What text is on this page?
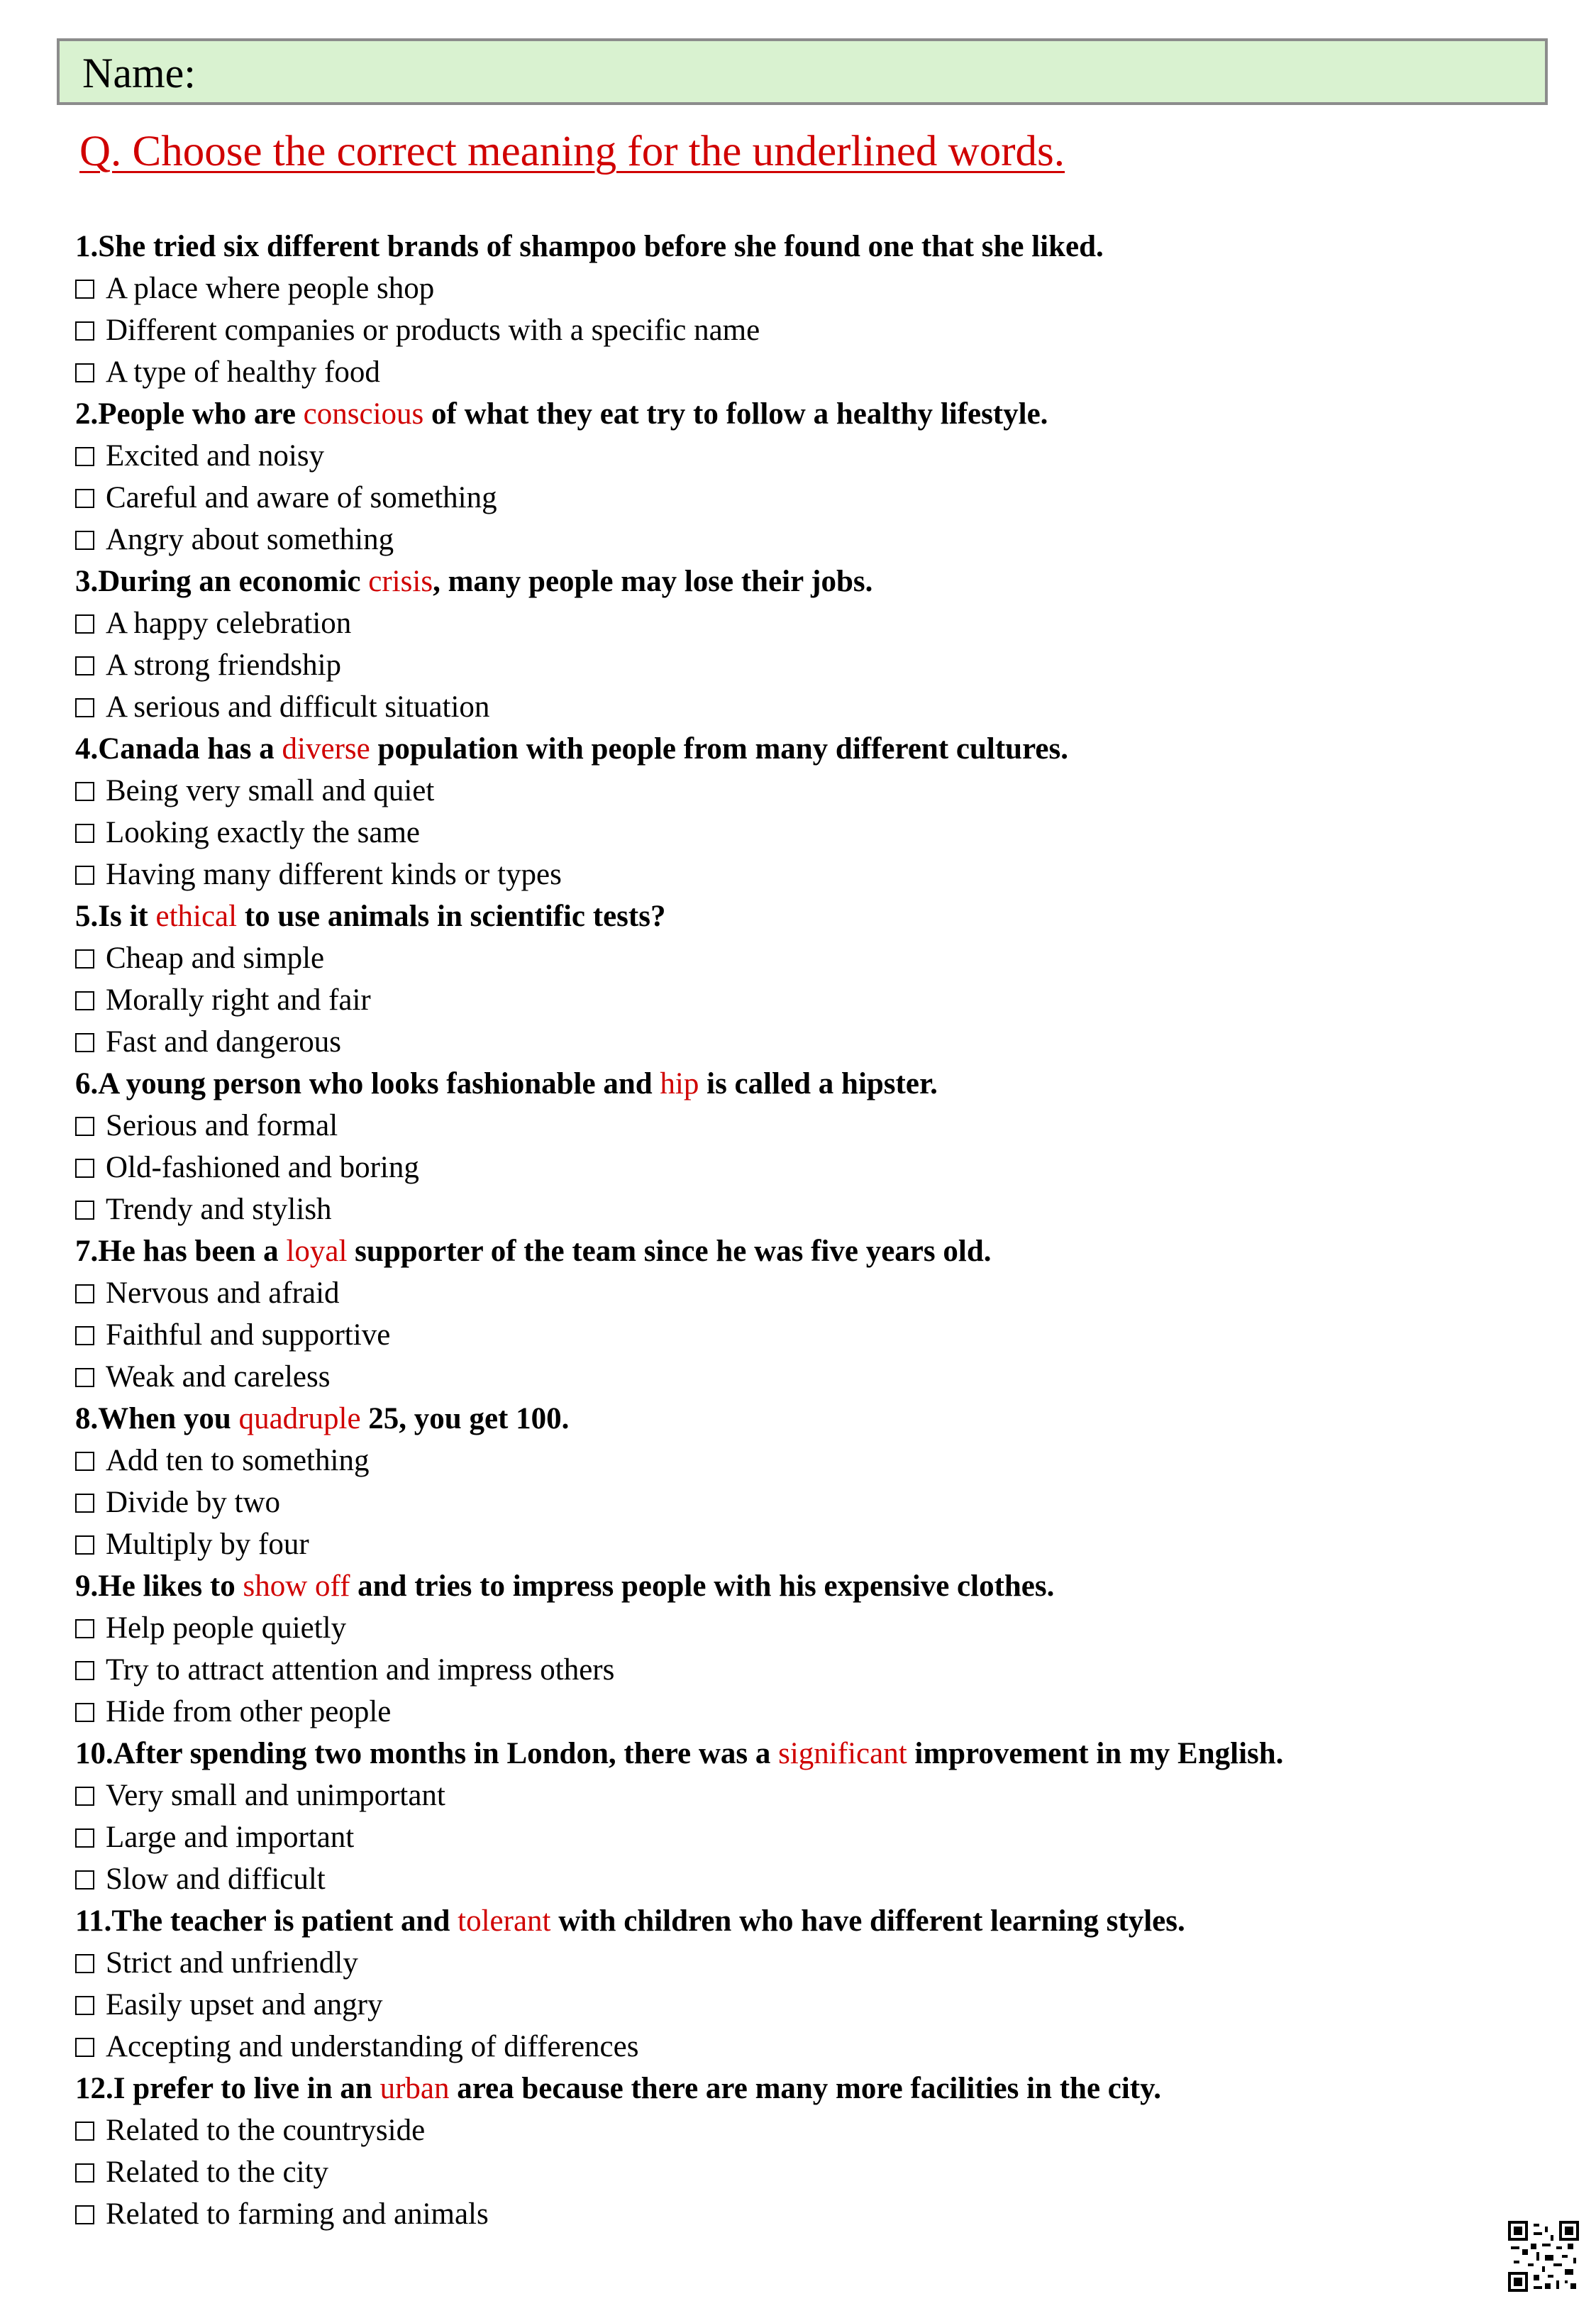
Name:
Q. Choose the correct meaning for the underlined words.
1.She tried six different brands of shampoo before she found one that she liked.
A place where people shop
Different companies or products with a specific name
A type of healthy food
2.People who are conscious of what they eat try to follow a healthy lifestyle.
Excited and noisy
Careful and aware of something
Angry about something
3.During an economic crisis, many people may lose their jobs.
A happy celebration
A strong friendship
A serious and difficult situation
4.Canada has a diverse population with people from many different cultures.
Being very small and quiet
Looking exactly the same
Having many different kinds or types
5.Is it ethical to use animals in scientific tests?
Cheap and simple
Morally right and fair
Fast and dangerous
6.A young person who looks fashionable and hip is called a hipster.
Serious and formal
Old-fashioned and boring
Trendy and stylish
7.He has been a loyal supporter of the team since he was five years old.
Nervous and afraid
Faithful and supportive
Weak and careless
8.When you quadruple 25, you get 100.
Add ten to something
Divide by two
Multiply by four
9.He likes to show off and tries to impress people with his expensive clothes.
Help people quietly
Try to attract attention and impress others
Hide from other people
10.After spending two months in London, there was a significant improvement in my English.
Very small and unimportant
Large and important
Slow and difficult
11.The teacher is patient and tolerant with children who have different learning styles.
Strict and unfriendly
Easily upset and angry
Accepting and understanding of differences
12.I prefer to live in an urban area because there are many more facilities in the city.
Related to the countryside
Related to the city
Related to farming and animals
